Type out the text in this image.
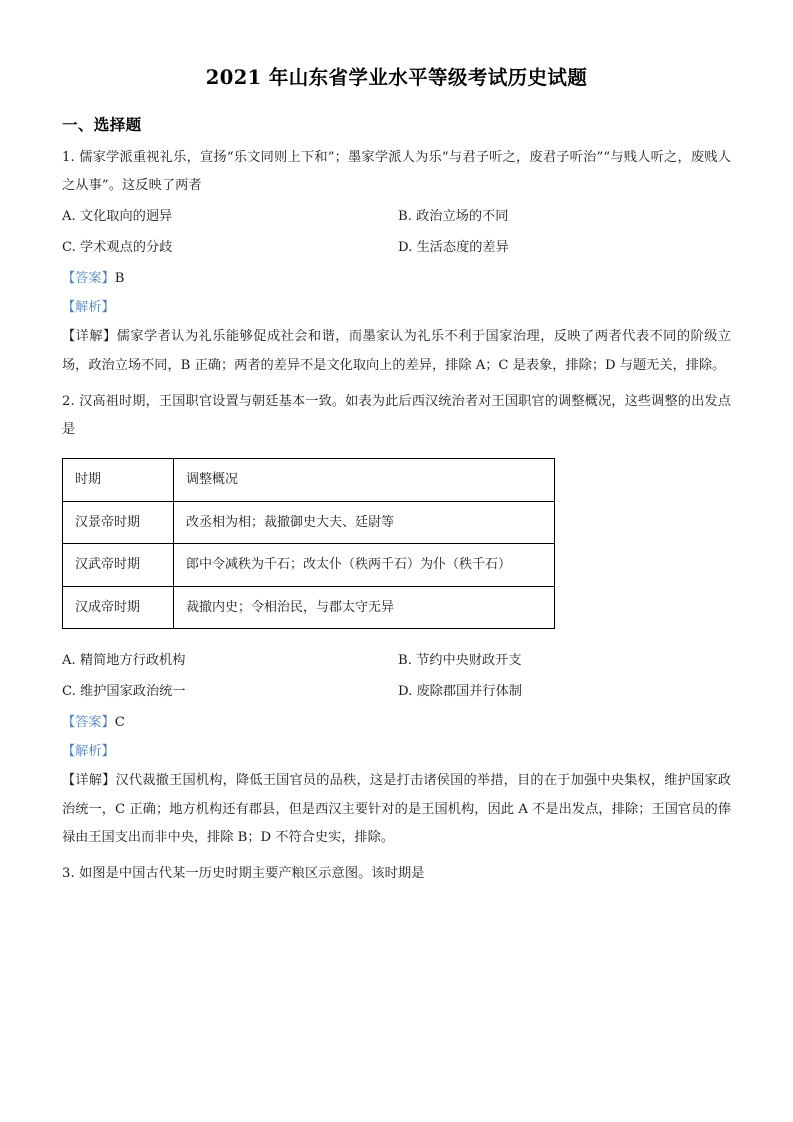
2021 年山东省学业水平等级考试历史试题
一、选择题
1. 儒家学派重视礼乐，宣扬“乐文同则上下和”；墨家学派人为乐“与君子听之，废君子听治”“与贱人听之，废贱人之从事”。这反映了两者
A. 文化取向的迥异	B. 政治立场的不同
C. 学术观点的分歧	D. 生活态度的差异
【答案】B
【解析】
【详解】儒家学者认为礼乐能够促成社会和谐，而墨家认为礼乐不利于国家治理，反映了两者代表不同的阶级立场，政治立场不同，B 正确；两者的差异不是文化取向上的差异，排除 A；C 是表象，排除；D 与题无关，排除。
2. 汉高祖时期，王国职官设置与朝廷基本一致。如表为此后西汉统治者对王国职官的调整概况，这些调整的出发点是
时期	调整概况
汉景帝时期	改丞相为相；裁撤御史大夫、廷尉等
汉武帝时期	郎中令减秩为千石；改太仆（秩两千石）为仆（秩千石）
汉成帝时期	裁撤内史；令相治民，与郡太守无异
A. 精简地方行政机构	B. 节约中央财政开支
C. 维护国家政治统一	D. 废除郡国并行体制
【答案】C
【解析】
【详解】汉代裁撤王国机构，降低王国官员的品秩，这是打击诸侯国的举措，目的在于加强中央集权，维护国家政治统一，C 正确；地方机构还有郡县，但是西汉主要针对的是王国机构，因此 A 不是出发点，排除；王国官员的俸禄由王国支出而非中央，排除 B；D 不符合史实，排除。
3. 如图是中国古代某一历史时期主要产粮区示意图。该时期是
